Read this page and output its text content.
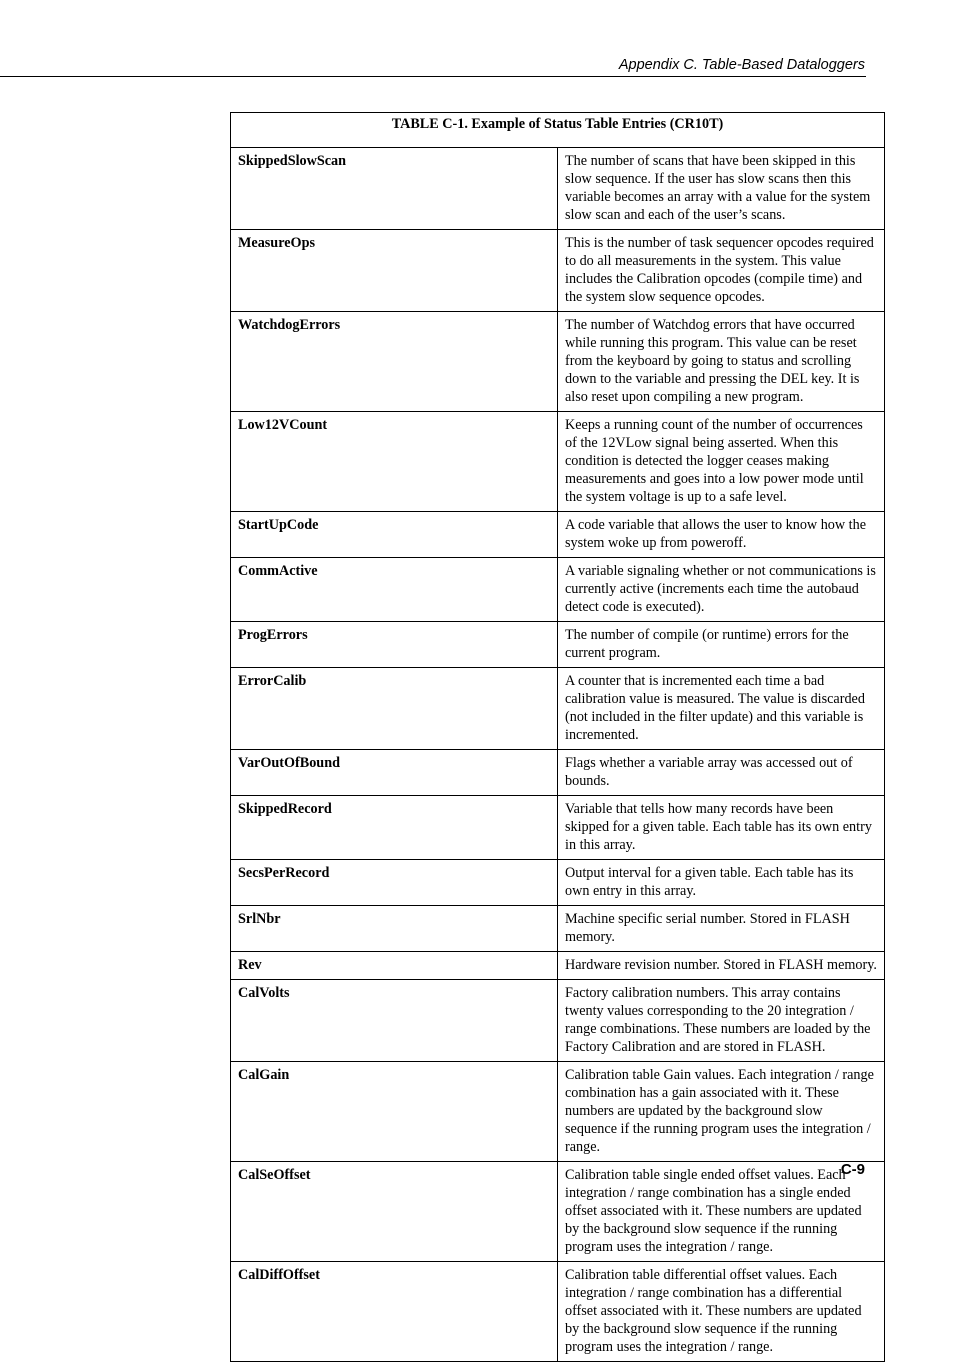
Appendix C. Table-Based Dataloggers
TABLE C-1. Example of Status Table Entries (CR10T)	
SkippedSlowScan	The number of scans that have been skipped in this slow sequence. If the user has slow scans then this variable becomes an array with a value for the system slow scan and each of the user’s scans.
MeasureOps	This is the number of task sequencer opcodes required to do all measurements in the system. This value includes the Calibration opcodes (compile time) and the system slow sequence opcodes.
WatchdogErrors	The number of Watchdog errors that have occurred while running this program. This value can be reset from the keyboard by going to status and scrolling down to the variable and pressing the DEL key. It is also reset upon compiling a new program.
Low12VCount	Keeps a running count of the number of occurrences of the 12VLow signal being asserted. When this condition is detected the logger ceases making measurements and goes into a low power mode until the system voltage is up to a safe level.
StartUpCode	A code variable that allows the user to know how the system woke up from poweroff.
CommActive	A variable signaling whether or not communications is currently active (increments each time the autobaud detect code is executed).
ProgErrors	The number of compile (or runtime) errors for the current program.
ErrorCalib	A counter that is incremented each time a bad calibration value is measured. The value is discarded (not included in the filter update) and this variable is incremented.
VarOutOfBound	Flags whether a variable array was accessed out of bounds.
SkippedRecord	Variable that tells how many records have been skipped for a given table. Each table has its own entry in this array.
SecsPerRecord	Output interval for a given table. Each table has its own entry in this array.
SrlNbr	Machine specific serial number. Stored in FLASH memory.
Rev	Hardware revision number. Stored in FLASH memory.
CalVolts	Factory calibration numbers. This array contains twenty values corresponding to the 20 integration / range combinations. These numbers are loaded by the Factory Calibration and are stored in FLASH.
CalGain	Calibration table Gain values. Each integration / range combination has a gain associated with it. These numbers are updated by the background slow sequence if the running program uses the integration / range.
CalSeOffset	Calibration table single ended offset values. Each integration / range combination has a single ended offset associated with it. These numbers are updated by the background slow sequence if the running program uses the integration / range.
CalDiffOffset	Calibration table differential offset values. Each integration / range combination has a differential offset associated with it. These numbers are updated by the background slow sequence if the running program uses the integration / range.
C-9
